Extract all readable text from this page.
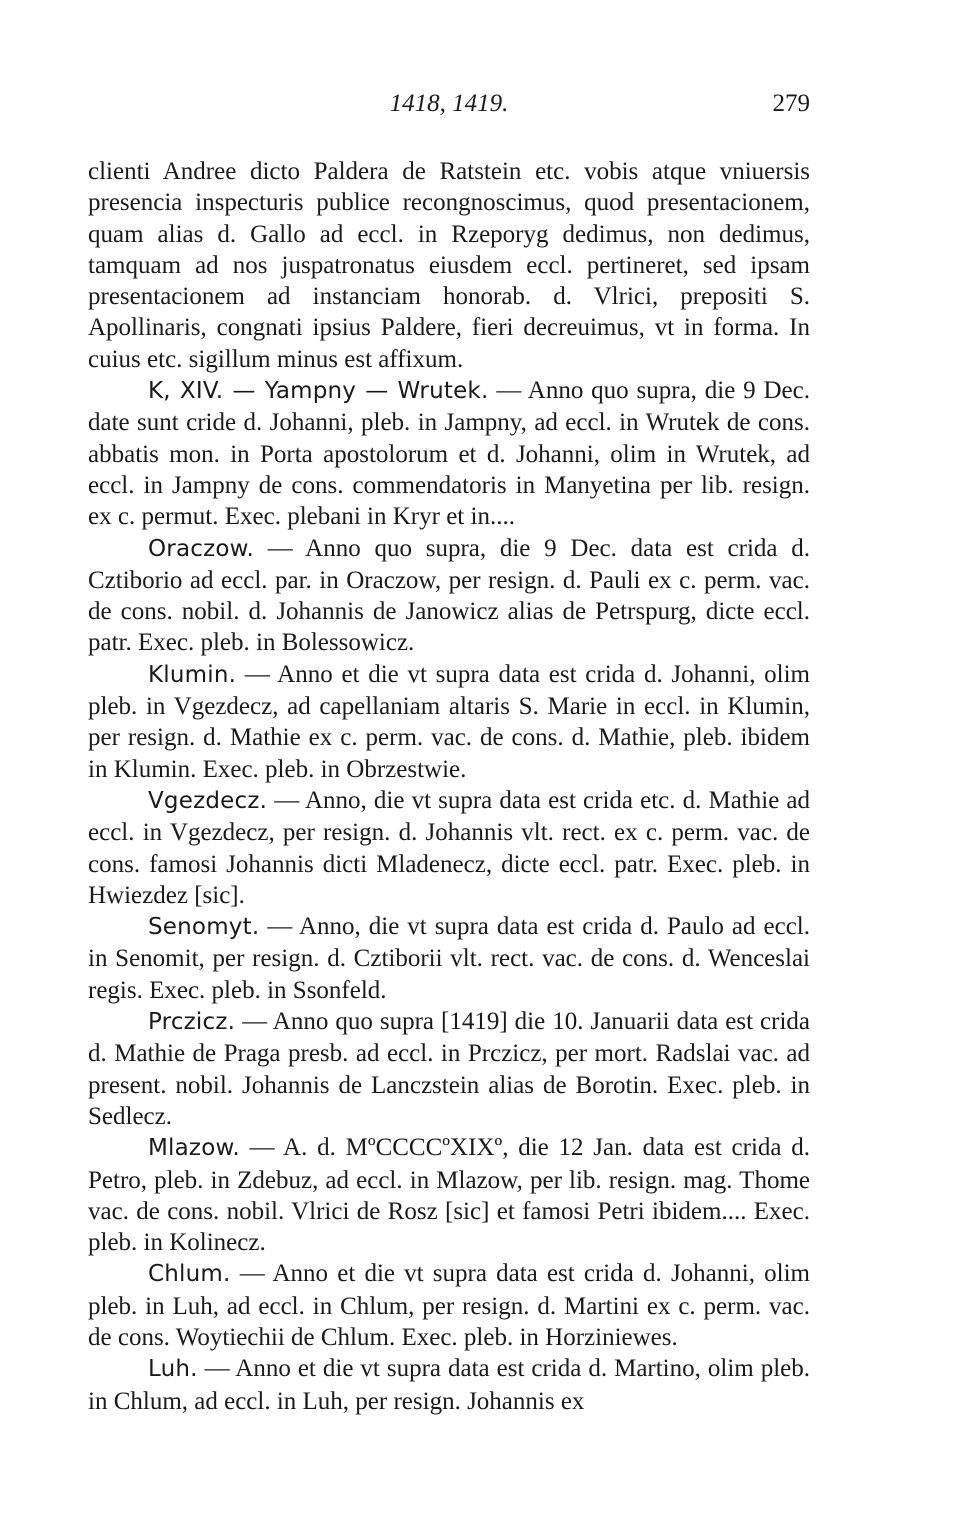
1418, 1419.	279

clienti Andree dicto Paldera de Ratstein etc. vobis atque vniuersis presencia inspecturis publice recongnoscimus, quod presentacionem, quam alias d. Gallo ad eccl. in Rzeporyg dedimus, non dedimus, tamquam ad nos juspatronatus eiusdem eccl. pertineret, sed ipsam presentacionem ad instanciam honorab. d. Vlrici, prepositi S. Apollinaris, congnati ipsius Paldere, fieri decreuimus, vt in forma. In cuius etc. sigillum minus est affixum.

K, XIV. — Yampny — Wrutek. — Anno quo supra, die 9 Dec. date sunt cride d. Johanni, pleb. in Jampny, ad eccl. in Wrutek de cons. abbatis mon. in Porta apostolorum et d. Johanni, olim in Wrutek, ad eccl. in Jampny de cons. commendatoris in Manyetina per lib. resign. ex c. permut. Exec. plebani in Kryr et in....

Oraczow. — Anno quo supra, die 9 Dec. data est crida d. Cztiborio ad eccl. par. in Oraczow, per resign. d. Pauli ex c. perm. vac. de cons. nobil. d. Johannis de Janowicz alias de Petrspurg, dicte eccl. patr. Exec. pleb. in Bolessowicz.

Klumin. — Anno et die vt supra data est crida d. Johanni, olim pleb. in Vgezdecz, ad capellaniam altaris S. Marie in eccl. in Klumin, per resign. d. Mathie ex c. perm. vac. de cons. d. Mathie, pleb. ibidem in Klumin. Exec. pleb. in Obrzestwie.

Vgezdecz. — Anno, die vt supra data est crida etc. d. Mathie ad eccl. in Vgezdecz, per resign. d. Johannis vlt. rect. ex c. perm. vac. de cons. famosi Johannis dicti Mladenecz, dicte eccl. patr. Exec. pleb. in Hwiezdez [sic].

Senomyt. — Anno, die vt supra data est crida d. Paulo ad eccl. in Senomit, per resign. d. Cztiborii vlt. rect. vac. de cons. d. Wenceslai regis. Exec. pleb. in Ssonfeld.

Prczicz. — Anno quo supra [1419] die 10. Januarii data est crida d. Mathie de Praga presb. ad eccl. in Prczicz, per mort. Radslai vac. ad present. nobil. Johannis de Lanczstein alias de Borotin. Exec. pleb. in Sedlecz.

Mlazow. — A. d. MºCCCCºXIXº, die 12 Jan. data est crida d. Petro, pleb. in Zdebuz, ad eccl. in Mlazow, per lib. resign. mag. Thome vac. de cons. nobil. Vlrici de Rosz [sic] et famosi Petri ibidem.... Exec. pleb. in Kolinecz.

Chlum. — Anno et die vt supra data est crida d. Johanni, olim pleb. in Luh, ad eccl. in Chlum, per resign. d. Martini ex c. perm. vac. de cons. Woytiechii de Chlum. Exec. pleb. in Horziniewes.

Luh. — Anno et die vt supra data est crida d. Martino, olim pleb. in Chlum, ad eccl. in Luh, per resign. Johannis ex
